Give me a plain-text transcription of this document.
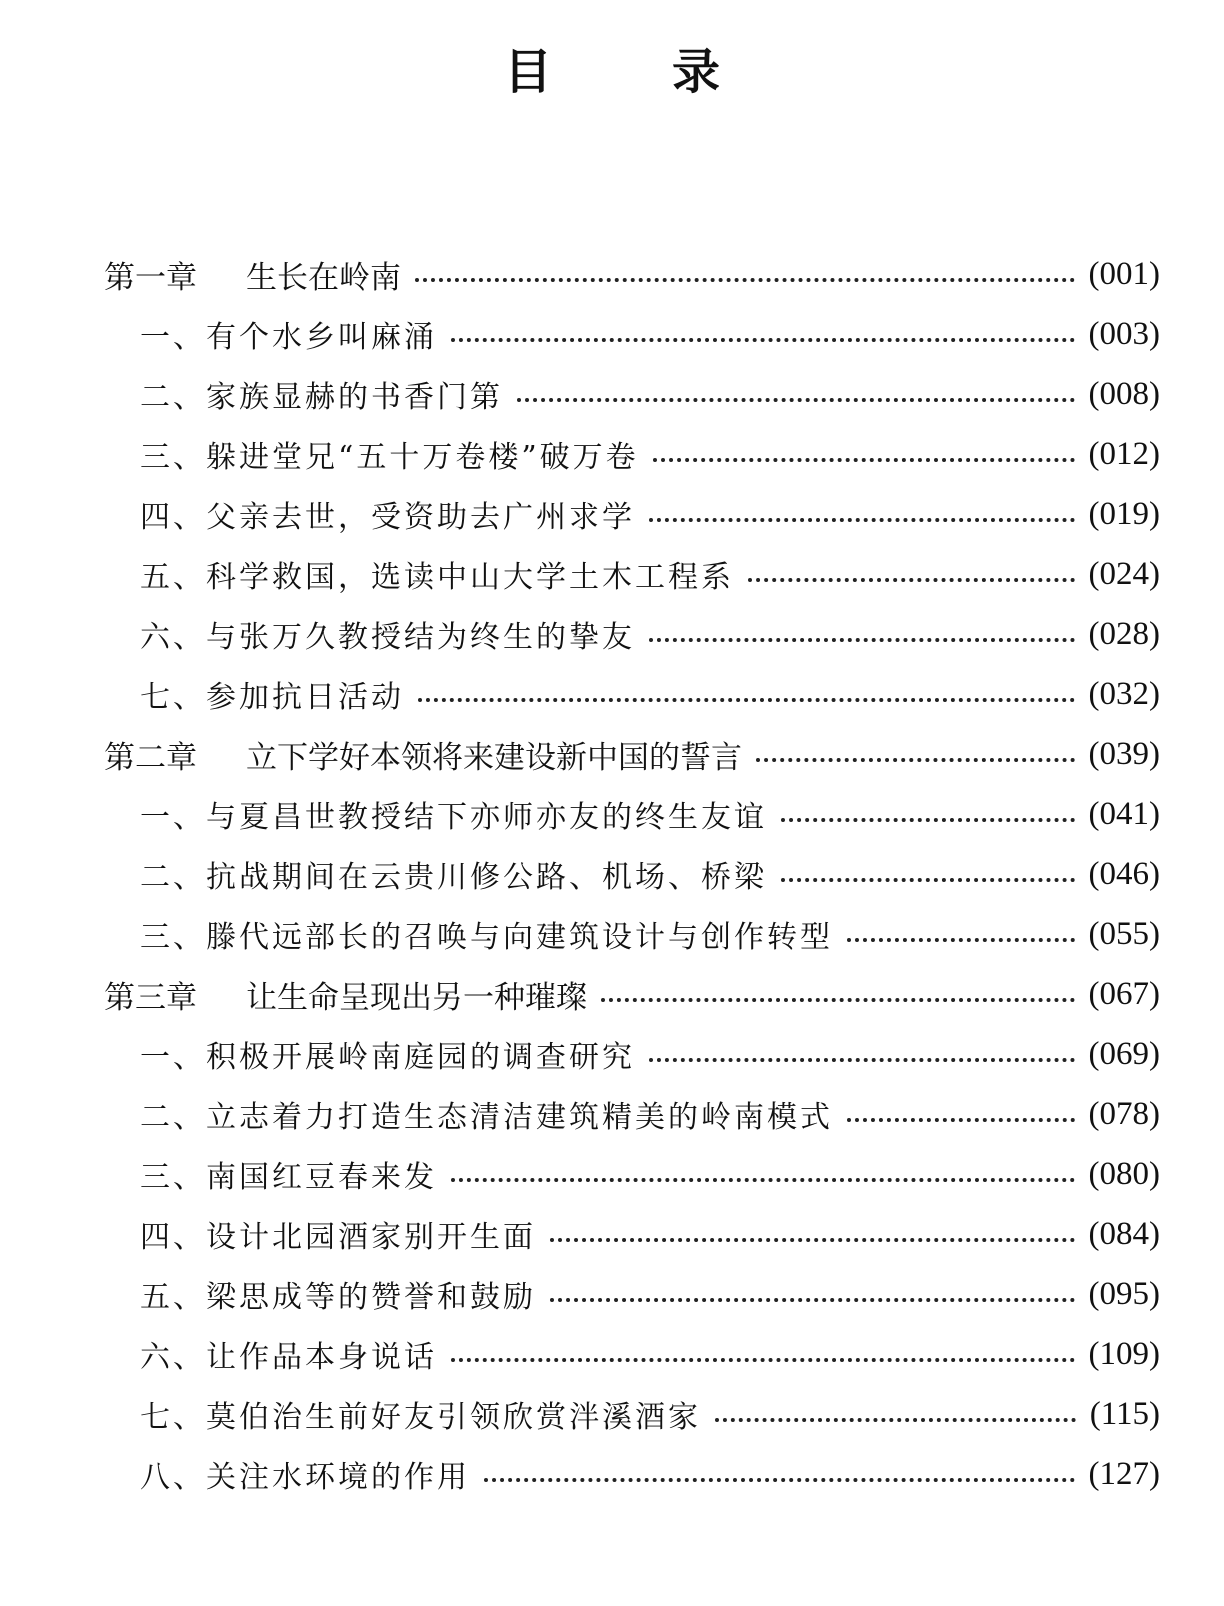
目录
第一章	生长在岭南	(001)
一、有个水乡叫麻涌	(003)
二、家族显赫的书香门第	(008)
三、躲进堂兄“五十万卷楼”破万卷	(012)
四、父亲去世，受资助去广州求学	(019)
五、科学救国，选读中山大学土木工程系	(024)
六、与张万久教授结为终生的挚友	(028)
七、参加抗日活动	(032)
第二章	立下学好本领将来建设新中国的誓言	(039)
一、与夏昌世教授结下亦师亦友的终生友谊	(041)
二、抗战期间在云贵川修公路、机场、桥梁	(046)
三、滕代远部长的召唤与向建筑设计与创作转型	(055)
第三章	让生命呈现出另一种璀璨	(067)
一、积极开展岭南庭园的调查研究	(069)
二、立志着力打造生态清洁建筑精美的岭南模式	(078)
三、南国红豆春来发	(080)
四、设计北园酒家别开生面	(084)
五、梁思成等的赞誉和鼓励	(095)
六、让作品本身说话	(109)
七、莫伯治生前好友引领欣赏泮溪酒家	(115)
八、关注水环境的作用	(127)
